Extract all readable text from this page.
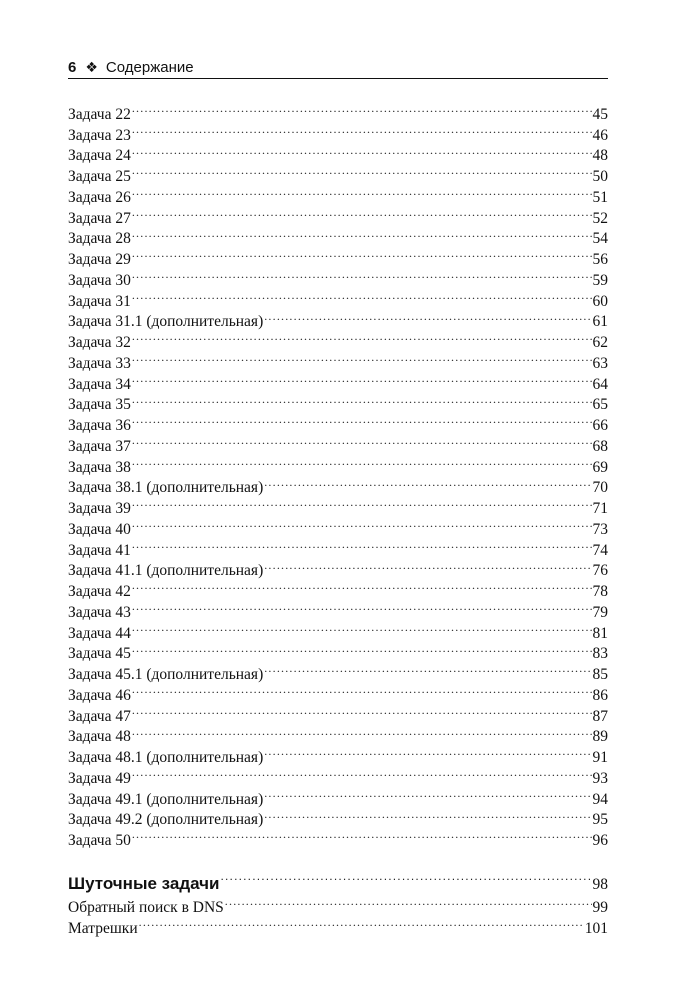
6 ❖ Содержание
Задача 22 .....	45
Задача 23 .....	46
Задача 24 .....	48
Задача 25 .....	50
Задача 26 .....	51
Задача 27 .....	52
Задача 28 .....	54
Задача 29 .....	56
Задача 30 .....	59
Задача 31 .....	60
Задача 31.1 (дополнительная) .....	61
Задача 32 .....	62
Задача 33 .....	63
Задача 34 .....	64
Задача 35 .....	65
Задача 36 .....	66
Задача 37 .....	68
Задача 38 .....	69
Задача 38.1 (дополнительная) .....	70
Задача 39 .....	71
Задача 40 .....	73
Задача 41 .....	74
Задача 41.1 (дополнительная) .....	76
Задача 42 .....	78
Задача 43 .....	79
Задача 44 .....	81
Задача 45 .....	83
Задача 45.1 (дополнительная) .....	85
Задача 46 .....	86
Задача 47 .....	87
Задача 48 .....	89
Задача 48.1 (дополнительная) .....	91
Задача 49 .....	93
Задача 49.1 (дополнительная) .....	94
Задача 49.2 (дополнительная) .....	95
Задача 50 .....	96
Шуточные задачи .....	98
Обратный поиск в DNS .....	99
Матрешки .....	101
